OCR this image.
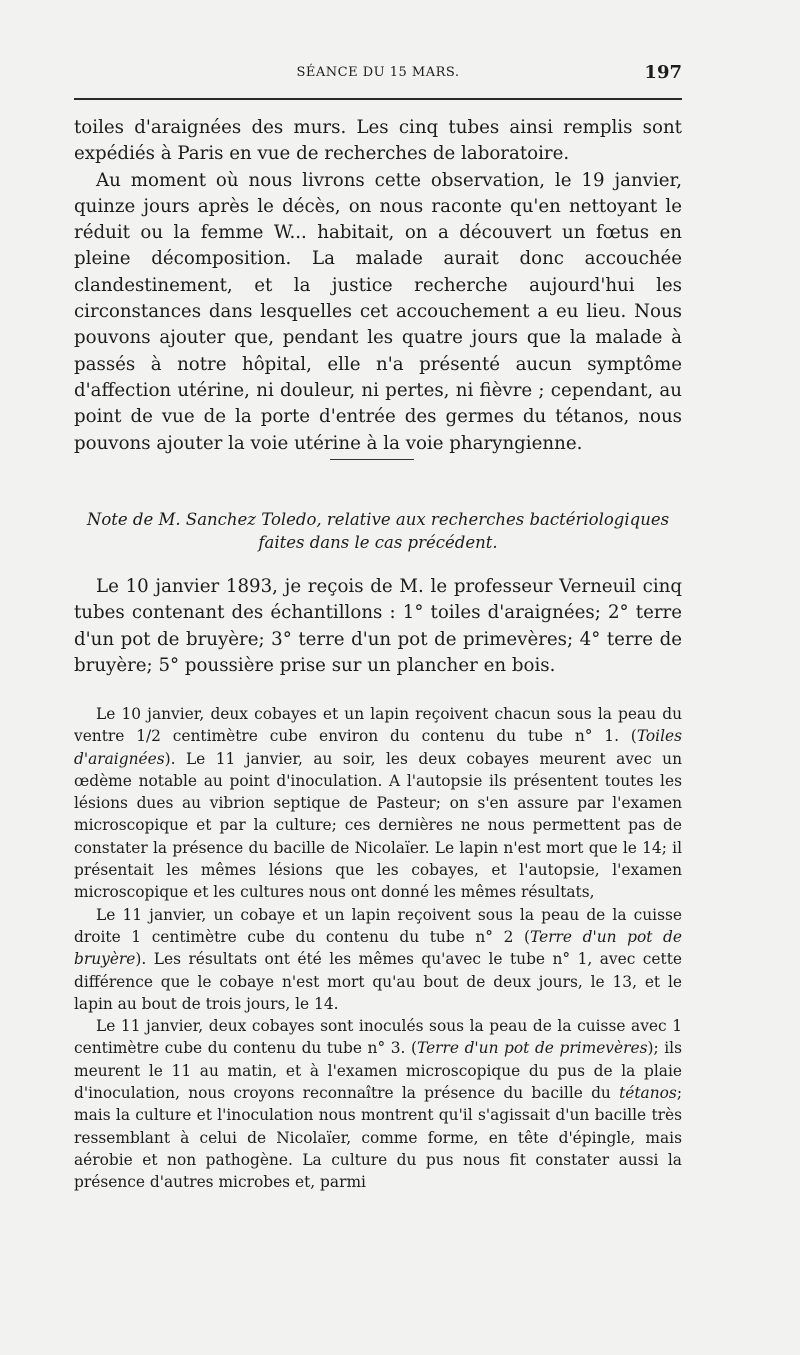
SÉANCE DU 15 MARS.	197

toiles d'araignées des murs. Les cinq tubes ainsi remplis sont expédiés à Paris en vue de recherches de laboratoire.

Au moment où nous livrons cette observation, le 19 janvier, quinze jours après le décès, on nous raconte qu'en nettoyant le réduit ou la femme W... habitait, on a découvert un fœtus en pleine décomposition. La malade aurait donc accouchée clandestinement, et la justice recherche aujourd'hui les circonstances dans lesquelles cet accouchement a eu lieu. Nous pouvons ajouter que, pendant les quatre jours que la malade à passés à notre hôpital, elle n'a présenté aucun symptôme d'affection utérine, ni douleur, ni pertes, ni fièvre ; cependant, au point de vue de la porte d'entrée des germes du tétanos, nous pouvons ajouter la voie utérine à la voie pharyngienne.

Note de M. Sanchez Toledo, relative aux recherches bactériologiques
faites dans le cas précédent.

Le 10 janvier 1893, je reçois de M. le professeur Verneuil cinq tubes contenant des échantillons : 1° toiles d'araignées; 2° terre d'un pot de bruyère; 3° terre d'un pot de primevères; 4° terre de bruyère; 5° poussière prise sur un plancher en bois.

Le 10 janvier, deux cobayes et un lapin reçoivent chacun sous la peau du ventre 1/2 centimètre cube environ du contenu du tube n° 1. (Toiles d'araignées). Le 11 janvier, au soir, les deux cobayes meurent avec un œdème notable au point d'inoculation. A l'autopsie ils présentent toutes les lésions dues au vibrion septique de Pasteur; on s'en assure par l'examen microscopique et par la culture; ces dernières ne nous permettent pas de constater la présence du bacille de Nicolaïer. Le lapin n'est mort que le 14; il présentait les mêmes lésions que les cobayes, et l'autopsie, l'examen microscopique et les cultures nous ont donné les mêmes résultats,

Le 11 janvier, un cobaye et un lapin reçoivent sous la peau de la cuisse droite 1 centimètre cube du contenu du tube n° 2 (Terre d'un pot de bruyère). Les résultats ont été les mêmes qu'avec le tube n° 1, avec cette différence que le cobaye n'est mort qu'au bout de deux jours, le 13, et le lapin au bout de trois jours, le 14.

Le 11 janvier, deux cobayes sont inoculés sous la peau de la cuisse avec 1 centimètre cube du contenu du tube n° 3. (Terre d'un pot de primevères); ils meurent le 11 au matin, et à l'examen microscopique du pus de la plaie d'inoculation, nous croyons reconnaître la présence du bacille du tétanos; mais la culture et l'inoculation nous montrent qu'il s'agissait d'un bacille très ressemblant à celui de Nicolaïer, comme forme, en tête d'épingle, mais aérobie et non pathogène. La culture du pus nous fit constater aussi la présence d'autres microbes et, parmi
